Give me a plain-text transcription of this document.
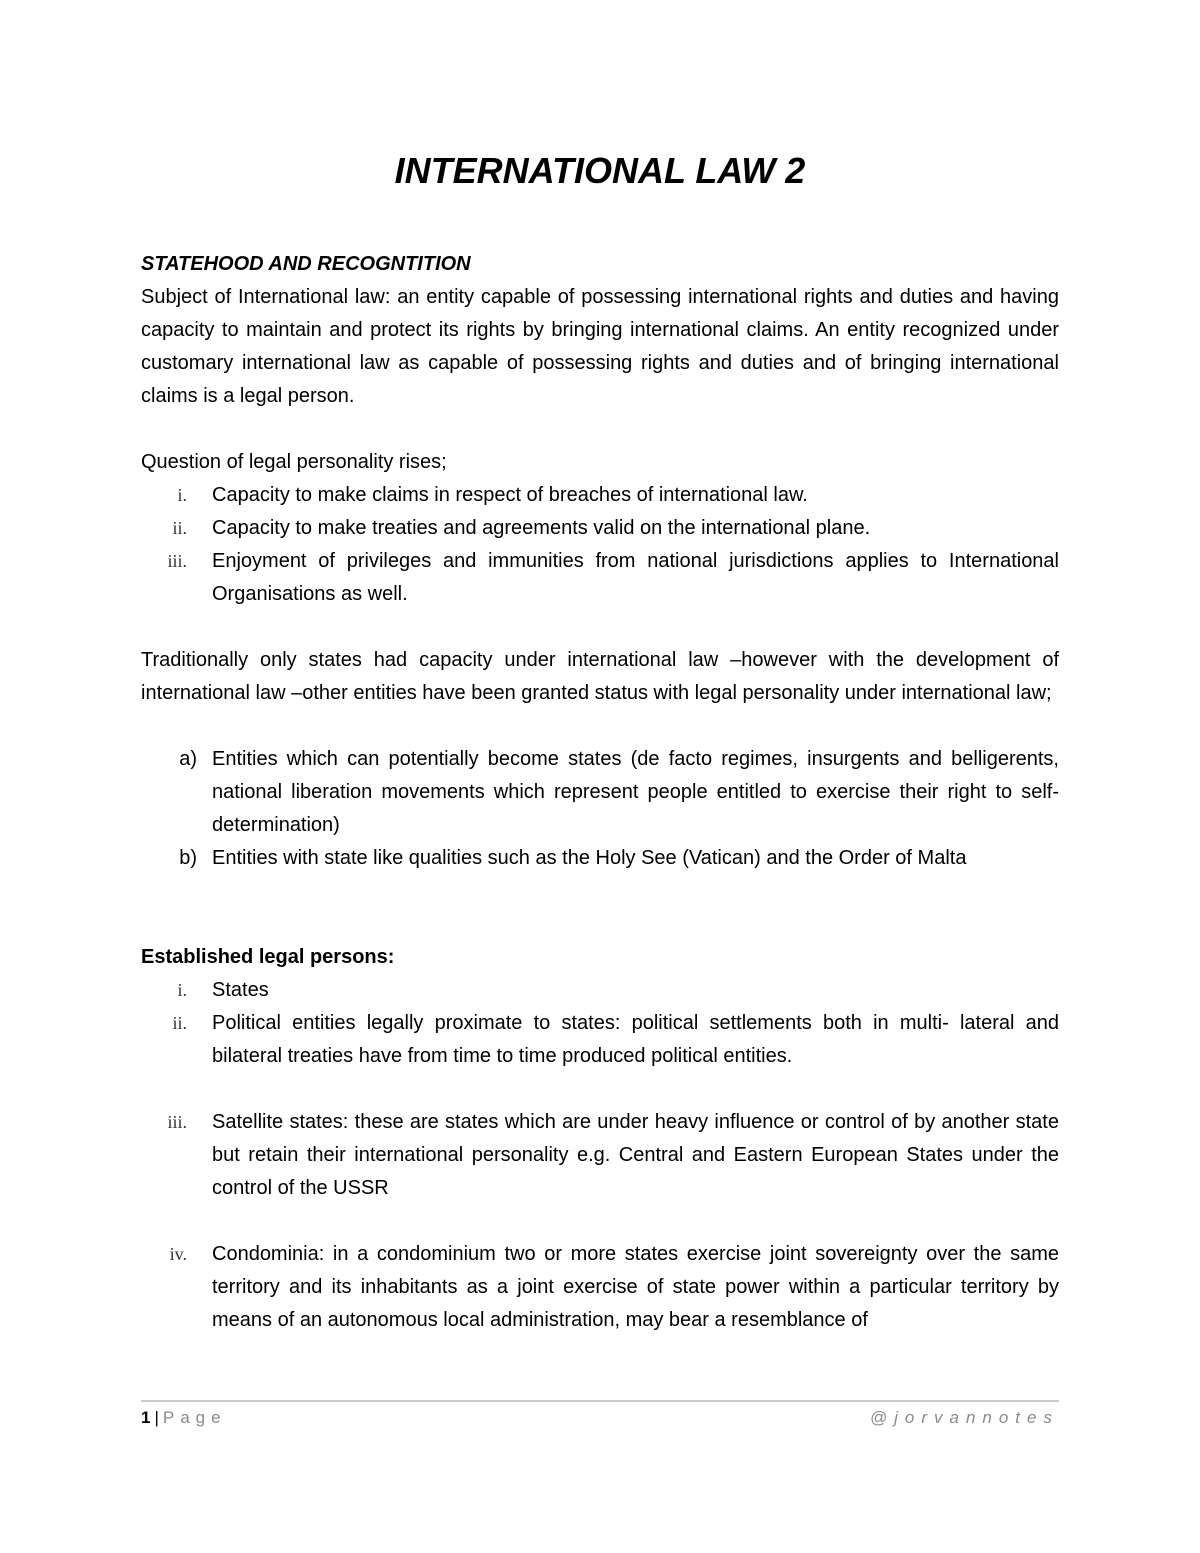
INTERNATIONAL LAW 2

STATEHOOD AND RECOGNTITION

Subject of International law: an entity capable of possessing international rights and duties and having capacity to maintain and protect its rights by bringing international claims. An entity recognized under customary international law as capable of possessing rights and duties and of bringing international claims is a legal person.

Question of legal personality rises;

i. Capacity to make claims in respect of breaches of international law.
ii. Capacity to make treaties and agreements valid on the international plane.
iii. Enjoyment of privileges and immunities from national jurisdictions applies to International Organisations as well.

Traditionally only states had capacity under international law –however with the development of international law –other entities have been granted status with legal personality under international law;

a) Entities which can potentially become states (de facto regimes, insurgents and belligerents, national liberation movements which represent people entitled to exercise their right to self-determination)
b) Entities with state like qualities such as the Holy See (Vatican) and the Order of Malta

Established legal persons:

i. States
ii. Political entities legally proximate to states: political settlements both in multi- lateral and bilateral treaties have from time to time produced political entities.
iii. Satellite states: these are states which are under heavy influence or control of by another state but retain their international personality e.g. Central and Eastern European States under the control of the USSR
iv. Condominia: in a condominium two or more states exercise joint sovereignty over the same territory and its inhabitants as a joint exercise of state power within a particular territory by means of an autonomous local administration, may bear a resemblance of
1 | Page	@jorvannotes
